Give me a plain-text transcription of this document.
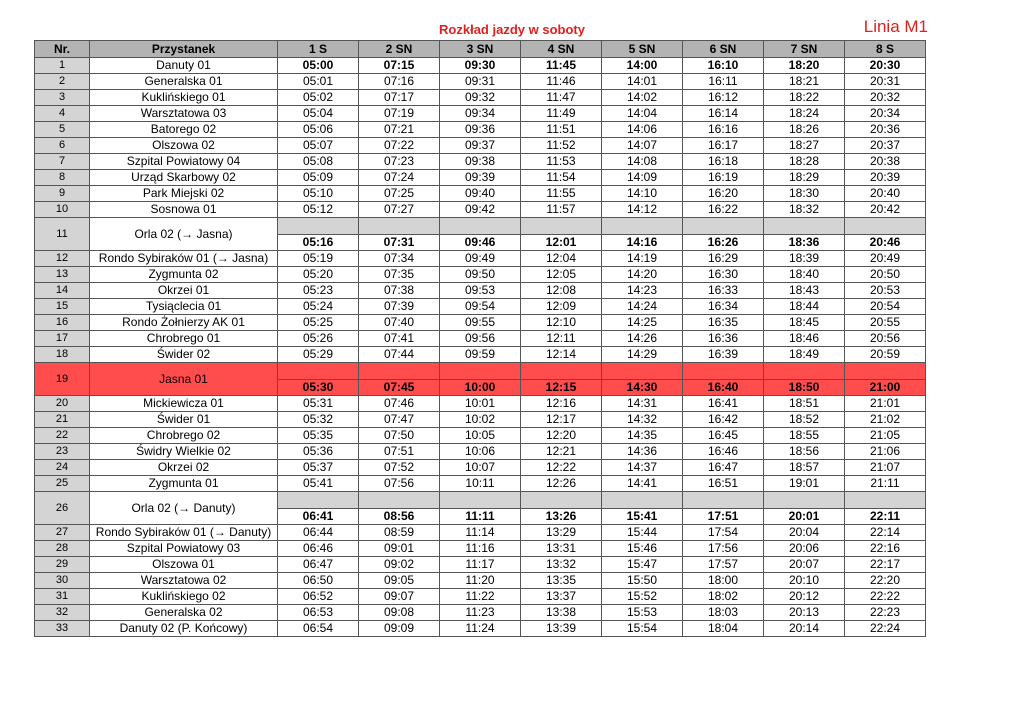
Rozkład jazdy w soboty	Linia M1
Nr.	Przystanek	1 S	2 SN	3 SN	4 SN	5 SN	6 SN	7 SN	8 S
1	Danuty 01	05:00	07:15	09:30	11:45	14:00	16:10	18:20	20:30
2	Generalska 01	05:01	07:16	09:31	11:46	14:01	16:11	18:21	20:31
3	Kuklińskiego 01	05:02	07:17	09:32	11:47	14:02	16:12	18:22	20:32
4	Warsztatowa 03	05:04	07:19	09:34	11:49	14:04	16:14	18:24	20:34
5	Batorego 02	05:06	07:21	09:36	11:51	14:06	16:16	18:26	20:36
6	Olszowa 02	05:07	07:22	09:37	11:52	14:07	16:17	18:27	20:37
7	Szpital Powiatowy 04	05:08	07:23	09:38	11:53	14:08	16:18	18:28	20:38
8	Urząd Skarbowy 02	05:09	07:24	09:39	11:54	14:09	16:19	18:29	20:39
9	Park Miejski 02	05:10	07:25	09:40	11:55	14:10	16:20	18:30	20:40
10	Sosnowa 01	05:12	07:27	09:42	11:57	14:12	16:22	18:32	20:42
11	Orla 02 (→ Jasna)								
		05:16	07:31	09:46	12:01	14:16	16:26	18:36	20:46
12	Rondo Sybiraków 01 (→ Jasna)	05:19	07:34	09:49	12:04	14:19	16:29	18:39	20:49
13	Zygmunta 02	05:20	07:35	09:50	12:05	14:20	16:30	18:40	20:50
14	Okrzei 01	05:23	07:38	09:53	12:08	14:23	16:33	18:43	20:53
15	Tysiąclecia 01	05:24	07:39	09:54	12:09	14:24	16:34	18:44	20:54
16	Rondo Żołnierzy AK 01	05:25	07:40	09:55	12:10	14:25	16:35	18:45	20:55
17	Chrobrego 01	05:26	07:41	09:56	12:11	14:26	16:36	18:46	20:56
18	Świder 02	05:29	07:44	09:59	12:14	14:29	16:39	18:49	20:59
19	Jasna 01								
		05:30	07:45	10:00	12:15	14:30	16:40	18:50	21:00
20	Mickiewicza 01	05:31	07:46	10:01	12:16	14:31	16:41	18:51	21:01
21	Świder 01	05:32	07:47	10:02	12:17	14:32	16:42	18:52	21:02
22	Chrobrego 02	05:35	07:50	10:05	12:20	14:35	16:45	18:55	21:05
23	Świdry Wielkie 02	05:36	07:51	10:06	12:21	14:36	16:46	18:56	21:06
24	Okrzei 02	05:37	07:52	10:07	12:22	14:37	16:47	18:57	21:07
25	Zygmunta 01	05:41	07:56	10:11	12:26	14:41	16:51	19:01	21:11
26	Orla 02 (→ Danuty)								
		06:41	08:56	11:11	13:26	15:41	17:51	20:01	22:11
27	Rondo Sybiraków 01 (→ Danuty)	06:44	08:59	11:14	13:29	15:44	17:54	20:04	22:14
28	Szpital Powiatowy 03	06:46	09:01	11:16	13:31	15:46	17:56	20:06	22:16
29	Olszowa 01	06:47	09:02	11:17	13:32	15:47	17:57	20:07	22:17
30	Warsztatowa 02	06:50	09:05	11:20	13:35	15:50	18:00	20:10	22:20
31	Kuklińskiego 02	06:52	09:07	11:22	13:37	15:52	18:02	20:12	22:22
32	Generalska 02	06:53	09:08	11:23	13:38	15:53	18:03	20:13	22:23
33	Danuty 02 (P. Końcowy)	06:54	09:09	11:24	13:39	15:54	18:04	20:14	22:24
